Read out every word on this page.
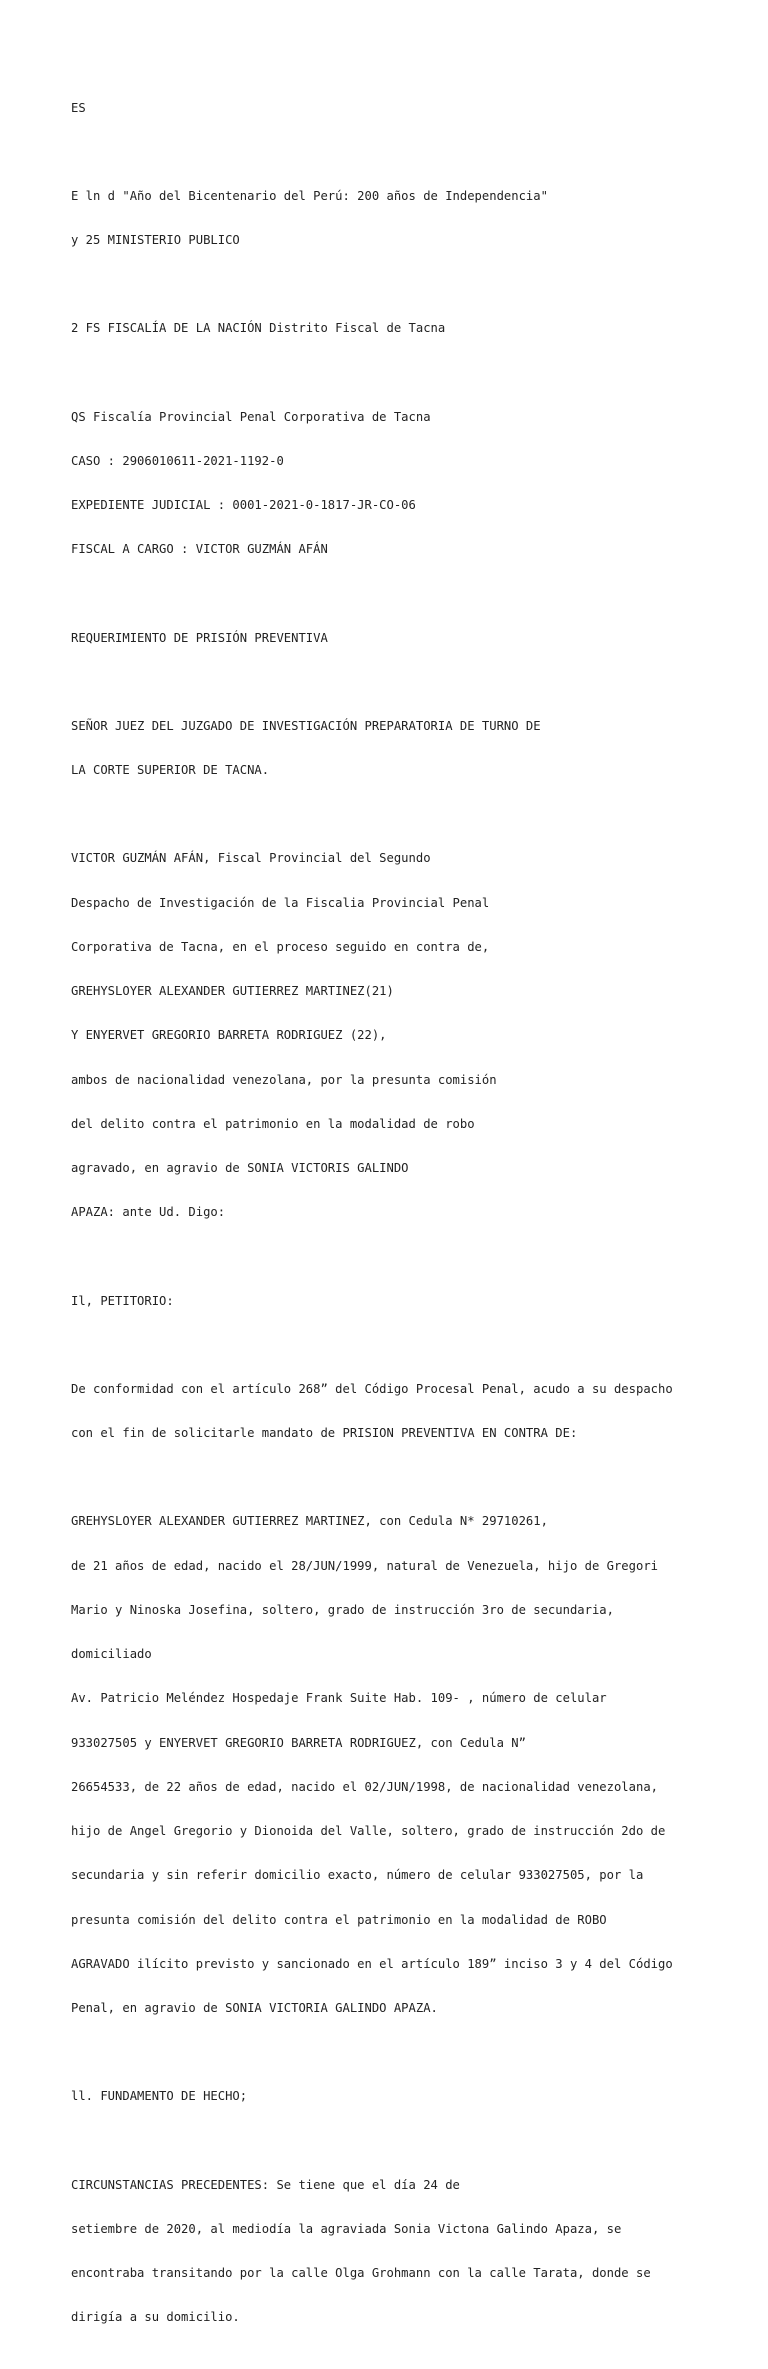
ES

E ln d "Año del Bicentenario del Perú: 200 años de Independencia"

y 25 MINISTERIO PUBLICO

2 FS FISCALÍA DE LA NACIÓN Distrito Fiscal de Tacna

QS Fiscalía Provincial Penal Corporativa de Tacna

CASO : 2906010611-2021-1192-0

EXPEDIENTE JUDICIAL : 0001-2021-0-1817-JR-CO-06

FISCAL A CARGO : VICTOR GUZMÁN AFÁN

REQUERIMIENTO DE PRISIÓN PREVENTIVA

SEÑOR JUEZ DEL JUZGADO DE INVESTIGACIÓN PREPARATORIA DE TURNO DE

LA CORTE SUPERIOR DE TACNA.

VICTOR GUZMÁN AFÁN, Fiscal Provincial del Segundo

Despacho de Investigación de la Fiscalia Provincial Penal

Corporativa de Tacna, en el proceso seguido en contra de,

GREHYSLOYER ALEXANDER GUTIERREZ MARTINEZ(21)

Y ENYERVET GREGORIO BARRETA RODRIGUEZ (22),

ambos de nacionalidad venezolana, por la presunta comisión

del delito contra el patrimonio en la modalidad de robo

agravado, en agravio de SONIA VICTORIS GALINDO

APAZA: ante Ud. Digo:

Il, PETITORIO:

De conformidad con el artículo 268” del Código Procesal Penal, acudo a su despacho

con el fin de solicitarle mandato de PRISION PREVENTIVA EN CONTRA DE:

GREHYSLOYER ALEXANDER GUTIERREZ MARTINEZ, con Cedula N* 29710261,

de 21 años de edad, nacido el 28/JUN/1999, natural de Venezuela, hijo de Gregori

Mario y Ninoska Josefina, soltero, grado de instrucción 3ro de secundaria,

domiciliado

Av. Patricio Meléndez Hospedaje Frank Suite Hab. 109- , número de celular

933027505 y ENYERVET GREGORIO BARRETA RODRIGUEZ, con Cedula N”

26654533, de 22 años de edad, nacido el 02/JUN/1998, de nacionalidad venezolana,

hijo de Angel Gregorio y Dionoida del Valle, soltero, grado de instrucción 2do de

secundaria y sin referir domicilio exacto, número de celular 933027505, por la

presunta comisión del delito contra el patrimonio en la modalidad de ROBO

AGRAVADO ilícito previsto y sancionado en el artículo 189” inciso 3 y 4 del Código

Penal, en agravio de SONIA VICTORIA GALINDO APAZA.

ll. FUNDAMENTO DE HECHO;

CIRCUNSTANCIAS PRECEDENTES: Se tiene que el día 24 de

setiembre de 2020, al mediodía la agraviada Sonia Victona Galindo Apaza, se

encontraba transitando por la calle Olga Grohmann con la calle Tarata, donde se

dirigía a su domicilio.
